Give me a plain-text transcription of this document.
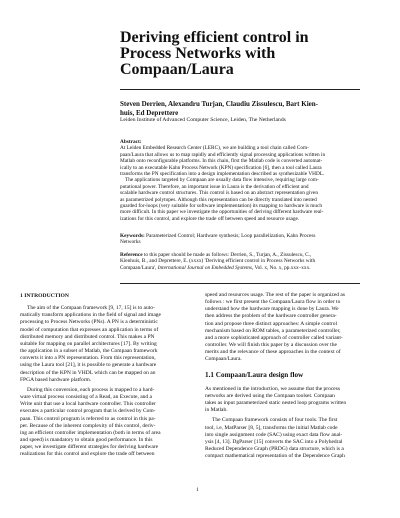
Deriving efficient control in
Process Networks with
Compaan/Laura
Steven Derrien, Alexandru Turjan, Claudiu Zissulescu, Bart Kien-
huis, Ed Deprettere
Leiden Institute of Advanced Computer Science, Leiden, The Netherlands
Abstract:
At Leiden Embedded Research Center (LERC), we are building a tool chain called Com-
paan/Laura that allows us to map rapidly and efficiently signal processing applications written in
Matlab onto reconfigurable platforms. In this chain, first the Matlab code is converted automat-
ically to an executable Kahn Process Network (KPN) specification [6], then a tool called Laura
transforms the PN specification into a design implementation described as synthesizable VHDL.
The applications targeted by Compaan are usually data flow intensive, requiring large com-
putational power. Therefore, an important issue in Laura is the derivation of efficient and
scalable hardware control structures. This control is based on an abstract representation given
as parametrized polytopes. Although this representation can be directly translated into nested
guarded for-loops (very suitable for software implementation) its mapping to hardware is much
more difficult. In this paper we investigate the opportunities of deriving different hardware real-
izations for this control, and explore the trade off between speed and resource usage.
Keywords: Parameterized Control; Hardware synthesis; Loop parallelization, Kahn Process
Networks
Reference to this paper should be made as follows: Derrien, S., Turjan, A., Zissulescu, C.,
Kienhuis, B., and Deprettere, E. (xxxx) 'Deriving efficient control in Process Networks with
Compaan/Laura', International Journal on Embedded Systems, Vol. x, No. x, pp.xxx–xxx.
1 INTRODUCTION
The aim of the Compaan framework [9, 17, 15] is to auto-
matically transform applications in the field of signal and image
processing to Process Networks (PNs). A PN is a deterministic
model of computation that expresses an application in terms of
distributed memory and distributed control. This makes a PN
suitable for mapping on parallel architectures [17]. By writing
the application in a subset of Matlab, the Compaan framework
converts it into a PN representation. From this representation,
using the Laura tool [21], it is possible to generate a hardware
description of the KPN in VHDL which can be mapped on an
FPGA based hardware platform.
During this conversion, each process is mapped to a hard-
ware virtual process consisting of a Read, an Execute, and a
Write unit that use a local hardware controller. This controller
executes a particular control program that is derived by Com-
paan. This control program is referred to as control in this pa-
per. Because of the inherent complexity of this control, deriv-
ing an efficient controller implementation (both in terms of area
and speed) is mandatory to obtain good performance. In this
paper, we investigate different strategies for deriving hardware
realizations for this control and explore the trade off between
speed and resources usage. The rest of the paper is organized as
follows : we first present the Compaan/Laura flow in order to
understand how the hardware mapping is done by Laura. We
then address the problem of the hardware controller genera-
tion and propose three distinct approaches: A simple control
mechanism based on ROM tables, a parameterized controller,
and a more sophisticated approach of controller called variant-
controller. We will finish this paper by a discussion over the
merits and the relevance of these approaches in the context of
Compaan/Laura.
1.1 Compaan/Laura design flow
As mentioned in the introduction, we assume that the process
networks are derived using the Compaan toolset. Compaan
takes as input parameterized static nested loop programs written
in Matlab.
The Compaan framework consists of four tools. The first
tool, i.e, MatParser [8, 5], transforms the initial Matlab code
into single assignment code (SAC) using exact data flow anal-
ysis [4, 13]. DgParser [15] converts the SAC into a Polyhedral
Reduced Dependence Graph (PRDG) data structure, which is a
compact mathematical representation of the Dependence Graph
1
